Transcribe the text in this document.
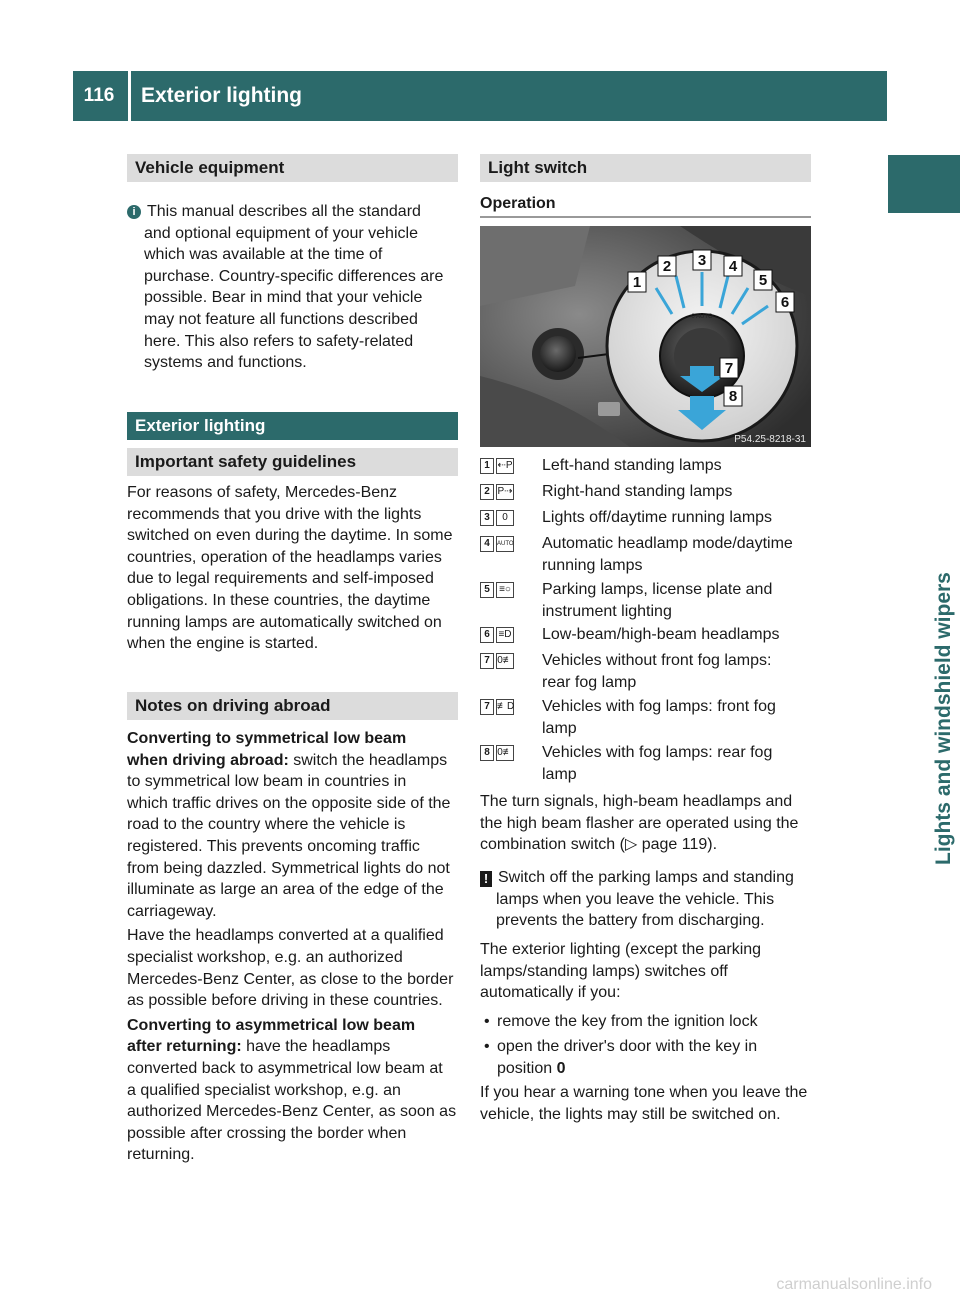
116	Exterior lighting
Lights and windshield wipers
Vehicle equipment
i This manual describes all the standard
and optional equipment of your vehicle
which was available at the time of
purchase. Country-specific differences are
possible. Bear in mind that your vehicle
may not feature all functions described
here. This also refers to safety-related
systems and functions.
Exterior lighting
Important safety guidelines
For reasons of safety, Mercedes-Benz
recommends that you drive with the lights
switched on even during the daytime. In some
countries, operation of the headlamps varies
due to legal requirements and self-imposed
obligations. In these countries, the daytime
running lamps are automatically switched on
when the engine is started.
Notes on driving abroad
Converting to symmetrical low beam
when driving abroad: switch the headlamps
to symmetrical low beam in countries in
which traffic drives on the opposite side of the
road to the country where the vehicle is
registered. This prevents oncoming traffic
from being dazzled. Symmetrical lights do not
illuminate as large an area of the edge of the
carriageway.
Have the headlamps converted at a qualified
specialist workshop, e.g. an authorized
Mercedes-Benz Center, as close to the border
as possible before driving in these countries.
Converting to asymmetrical low beam
after returning: have the headlamps
converted back to asymmetrical low beam at
a qualified specialist workshop, e.g. an
authorized Mercedes-Benz Center, as soon as
possible after crossing the border when
returning.
Light switch
Operation
0 AUTO
1
2 3 4
5
6
7
8
P54.25-8218-31
1 ⇠P Left-hand standing lamps
2 P⇢ Right-hand standing lamps
3	0	Lights off/daytime running lamps
4	AUTO Automatic headlamp mode/daytime
running lamps
5 ≡○ Parking lamps, license plate and
instrument lighting
6 ≡D Low-beam/high-beam headlamps
7 0≢ Vehicles without front fog lamps:
rear fog lamp
7 ≢D Vehicles with fog lamps: front fog
lamp
8 0≢ Vehicles with fog lamps: rear fog
lamp
The turn signals, high-beam headlamps and
the high beam flasher are operated using the
combination switch (▷ page 119).
! Switch off the parking lamps and standing
lamps when you leave the vehicle. This
prevents the battery from discharging.
The exterior lighting (except the parking
lamps/standing lamps) switches off
automatically if you:
• remove the key from the ignition lock
• open the driver's door with the key in
position 0
If you hear a warning tone when you leave the
vehicle, the lights may still be switched on.
carmanualsonline.info
